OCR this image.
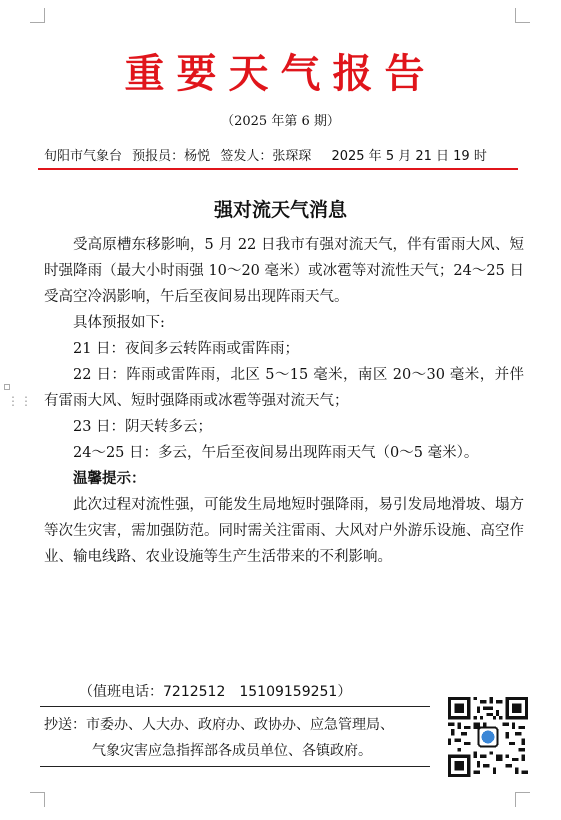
⋮⋮
重要天气报告
（2025 年第 6 期）
旬阳市气象台 预报员：杨悦 签发人：张琛琛 2025 年 5 月 21 日 19 时
强对流天气消息

受高原槽东移影响，5 月 22 日我市有强对流天气，伴有雷雨大风、短时强降雨（最大小时雨强 10～20 毫米）或冰雹等对流性天气；24～25 日受高空冷涡影响，午后至夜间易出现阵雨天气。

具体预报如下:

21 日：夜间多云转阵雨或雷阵雨；

22 日：阵雨或雷阵雨，北区 5～15 毫米，南区 20～30 毫米，并伴有雷雨大风、短时强降雨或冰雹等强对流天气；

23 日：阴天转多云；

24～25 日：多云，午后至夜间易出现阵雨天气（0～5 毫米）。

温馨提示：

此次过程对流性强，可能发生局地短时强降雨，易引发局地滑坡、塌方等次生灾害，需加强防范。同时需关注雷雨、大风对户外游乐设施、高空作业、输电线路、农业设施等生产生活带来的不利影响。

（值班电话：7212512　15109159251）
抄送：市委办、人大办、政府办、政协办、应急管理局、
气象灾害应急指挥部各成员单位、各镇政府。
